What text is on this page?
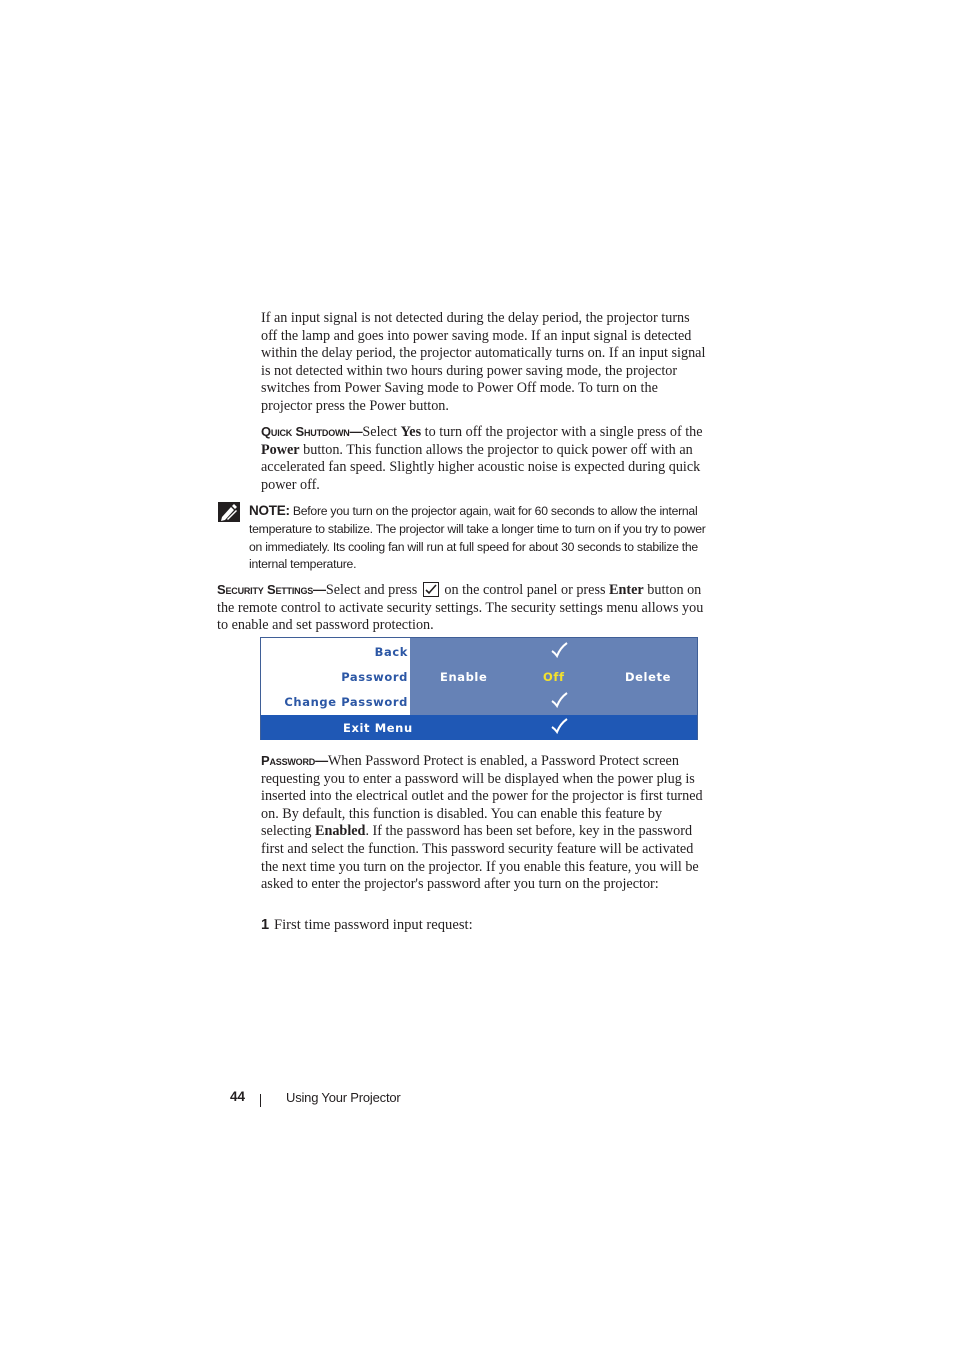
If an input signal is not detected during the delay period, the projector turns off the lamp and goes into power saving mode. If an input signal is detected within the delay period, the projector automatically turns on. If an input signal is not detected within two hours during power saving mode, the projector switches from Power Saving mode to Power Off mode. To turn on the projector press the Power button.

Quick Shutdown—Select Yes to turn off the projector with a single press of the Power button. This function allows the projector to quick power off with an accelerated fan speed. Slightly higher acoustic noise is expected during quick power off.

NOTE: Before you turn on the projector again, wait for 60 seconds to allow the internal temperature to stabilize. The projector will take a longer time to turn on if you try to power on immediately. Its cooling fan will run at full speed for about 30 seconds to stabilize the internal temperature.

Security Settings—Select and press  on the control panel or press Enter button on the remote control to activate security settings. The security settings menu allows you to enable and set password protection.

Back
Password	Enable	Off	Delete
Change Password
Exit Menu

Password—When Password Protect is enabled, a Password Protect screen requesting you to enter a password will be displayed when the power plug is inserted into the electrical outlet and the power for the projector is first turned on. By default, this function is disabled. You can enable this feature by selecting Enabled. If the password has been set before, key in the password first and select the function. This password security feature will be activated the next time you turn on the projector. If you enable this feature, you will be asked to enter the projector's password after you turn on the projector:

1 First time password input request:

44	Using Your Projector
